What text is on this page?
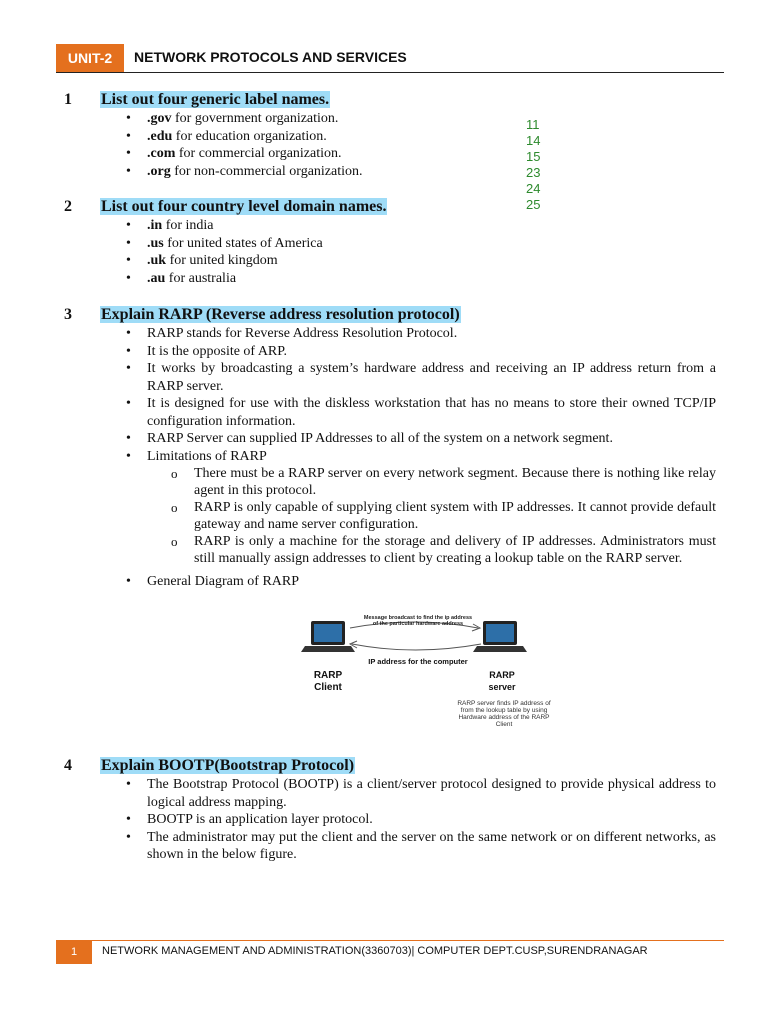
UNIT-2	NETWORK PROTOCOLS AND SERVICES
11
14
15
23
24
25
1 List out four generic label names.
• .gov for government organization.
• .edu for education organization.
• .com for commercial organization.
• .org for non-commercial organization.
2 List out four country level domain names.
• .in for india
• .us for united states of America
• .uk for united kingdom
• .au for australia
3 Explain RARP (Reverse address resolution protocol)
• RARP stands for Reverse Address Resolution Protocol.
• It is the opposite of ARP.
• It works by broadcasting a system’s hardware address and receiving an IP address return from a RARP server.
• It is designed for use with the diskless workstation that has no means to store their owned TCP/IP configuration information.
• RARP Server can supplied IP Addresses to all of the system on a network segment.
• Limitations of RARP
o There must be a RARP server on every network segment. Because there is nothing like relay agent in this protocol.
o RARP is only capable of supplying client system with IP addresses. It cannot provide default gateway and name server configuration.
o RARP is only a machine for the storage and delivery of IP addresses. Administrators must still manually assign addresses to client by creating a lookup table on the RARP server.
• General Diagram of RARP
Message broadcast to find the ip address
of the particular hardware address
IP address for the computer
RARP
Client
RARP
server
RARP server finds IP address of
from the lookup table by using
Hardware address of the RARP
Client
4 Explain BOOTP(Bootstrap Protocol)
• The Bootstrap Protocol (BOOTP) is a client/server protocol designed to provide physical address to logical address mapping.
• BOOTP is an application layer protocol.
• The administrator may put the client and the server on the same network or on different networks, as shown in the below figure.
1	NETWORK MANAGEMENT AND ADMINISTRATION(3360703)| COMPUTER DEPT.CUSP,SURENDRANAGAR
